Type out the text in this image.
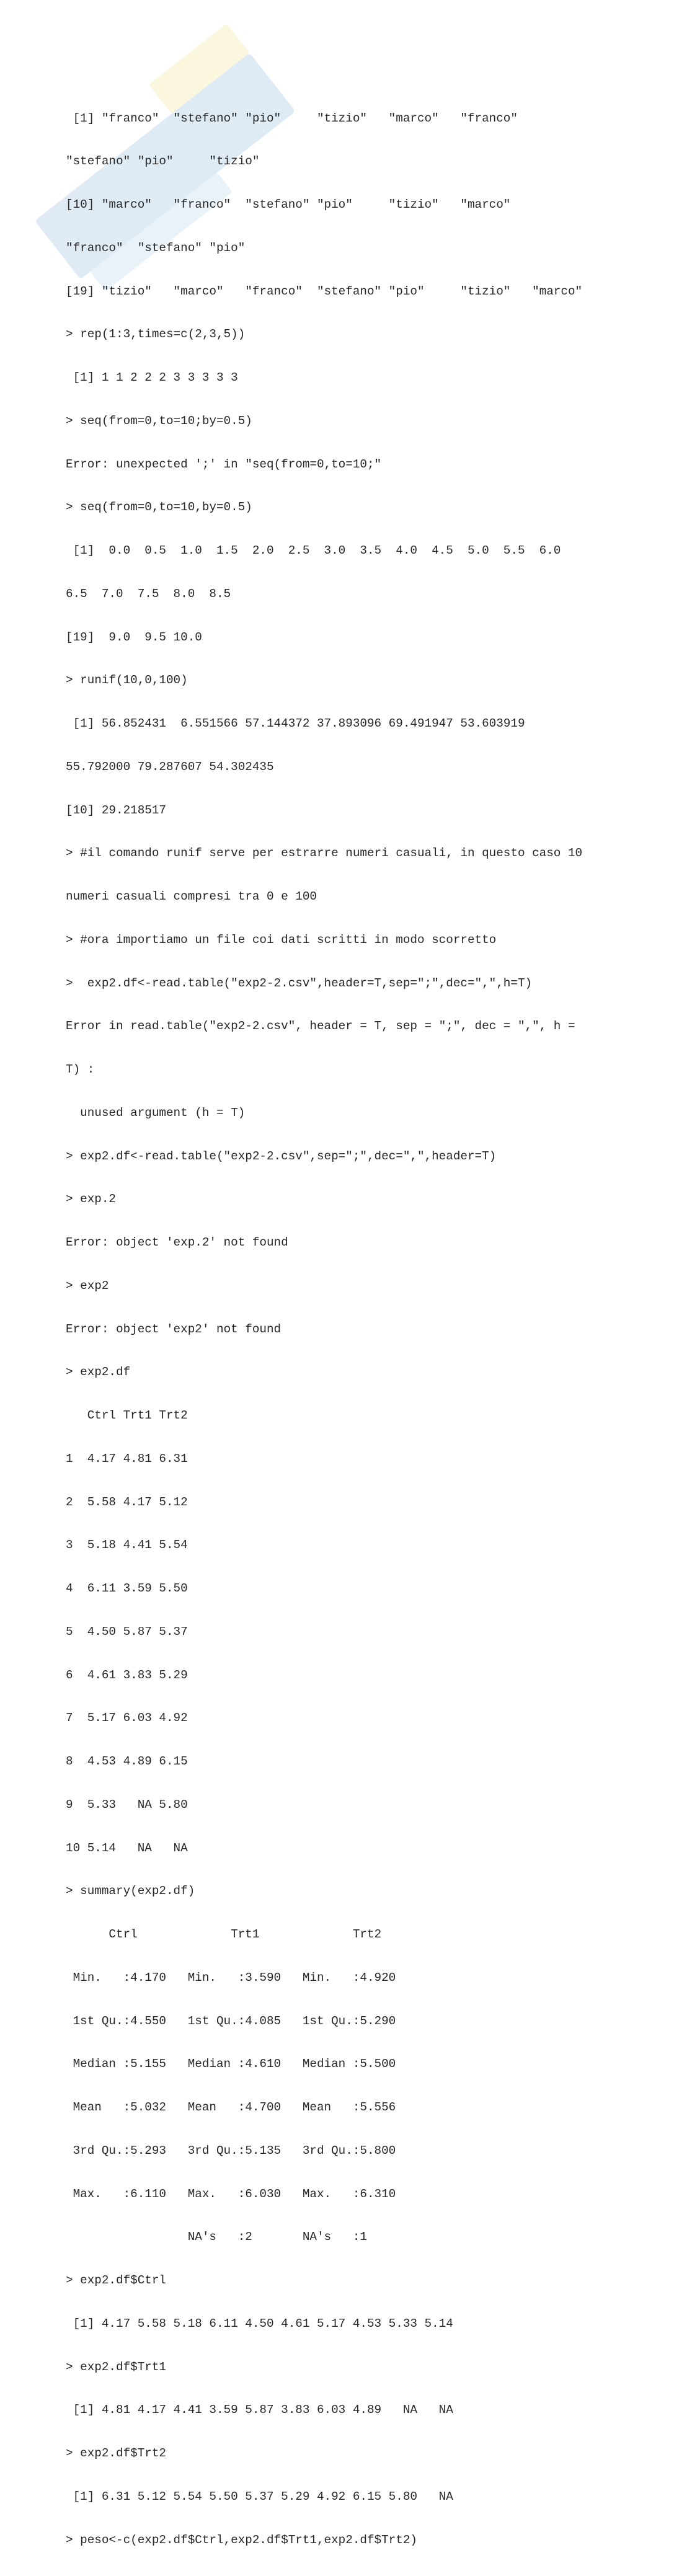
[1] "franco"  "stefano" "pio"     "tizio"   "marco"   "franco"

"stefano" "pio"     "tizio"

[10] "marco"   "franco"  "stefano" "pio"     "tizio"   "marco"

"franco"  "stefano" "pio"

[19] "tizio"   "marco"   "franco"  "stefano" "pio"     "tizio"   "marco"

> rep(1:3,times=c(2,3,5))

[1] 1 1 2 2 2 3 3 3 3 3

> seq(from=0,to=10;by=0.5)

Error: unexpected ';' in "seq(from=0,to=10;"

> seq(from=0,to=10,by=0.5)

[1]  0.0  0.5  1.0  1.5  2.0  2.5  3.0  3.5  4.0  4.5  5.0  5.5  6.0

6.5  7.0  7.5  8.0  8.5

[19]  9.0  9.5 10.0

> runif(10,0,100)

[1] 56.852431  6.551566 57.144372 37.893096 69.491947 53.603919

55.792000 79.287607 54.302435

[10] 29.218517

> #il comando runif serve per estrarre numeri casuali, in questo caso 10

numeri casuali compresi tra 0 e 100

> #ora importiamo un file coi dati scritti in modo scorretto

>  exp2.df<-read.table("exp2-2.csv",header=T,sep=";",dec=",",h=T)

Error in read.table("exp2-2.csv", header = T, sep = ";", dec = ",", h =

T) :

unused argument (h = T)

> exp2.df<-read.table("exp2-2.csv",sep=";",dec=",",header=T)

> exp.2

Error: object 'exp.2' not found

> exp2

Error: object 'exp2' not found

> exp2.df

Ctrl Trt1 Trt2

1  4.17 4.81 6.31

2  5.58 4.17 5.12

3  5.18 4.41 5.54

4  6.11 3.59 5.50

5  4.50 5.87 5.37

6  4.61 3.83 5.29

7  5.17 6.03 4.92

8  4.53 4.89 6.15

9  5.33   NA 5.80

10 5.14   NA   NA

> summary(exp2.df)

Ctrl             Trt1             Trt2

Min.   :4.170   Min.   :3.590   Min.   :4.920

1st Qu.:4.550   1st Qu.:4.085   1st Qu.:5.290

Median :5.155   Median :4.610   Median :5.500

Mean   :5.032   Mean   :4.700   Mean   :5.556

3rd Qu.:5.293   3rd Qu.:5.135   3rd Qu.:5.800

Max.   :6.110   Max.   :6.030   Max.   :6.310

NA's   :2       NA's   :1

> exp2.df$Ctrl

[1] 4.17 5.58 5.18 6.11 4.50 4.61 5.17 4.53 5.33 5.14

> exp2.df$Trt1

[1] 4.81 4.17 4.41 3.59 5.87 3.83 6.03 4.89   NA   NA

> exp2.df$Trt2

[1] 6.31 5.12 5.54 5.50 5.37 5.29 4.92 6.15 5.80   NA

> peso<-c(exp2.df$Ctrl,exp2.df$Trt1,exp2.df$Trt2)
